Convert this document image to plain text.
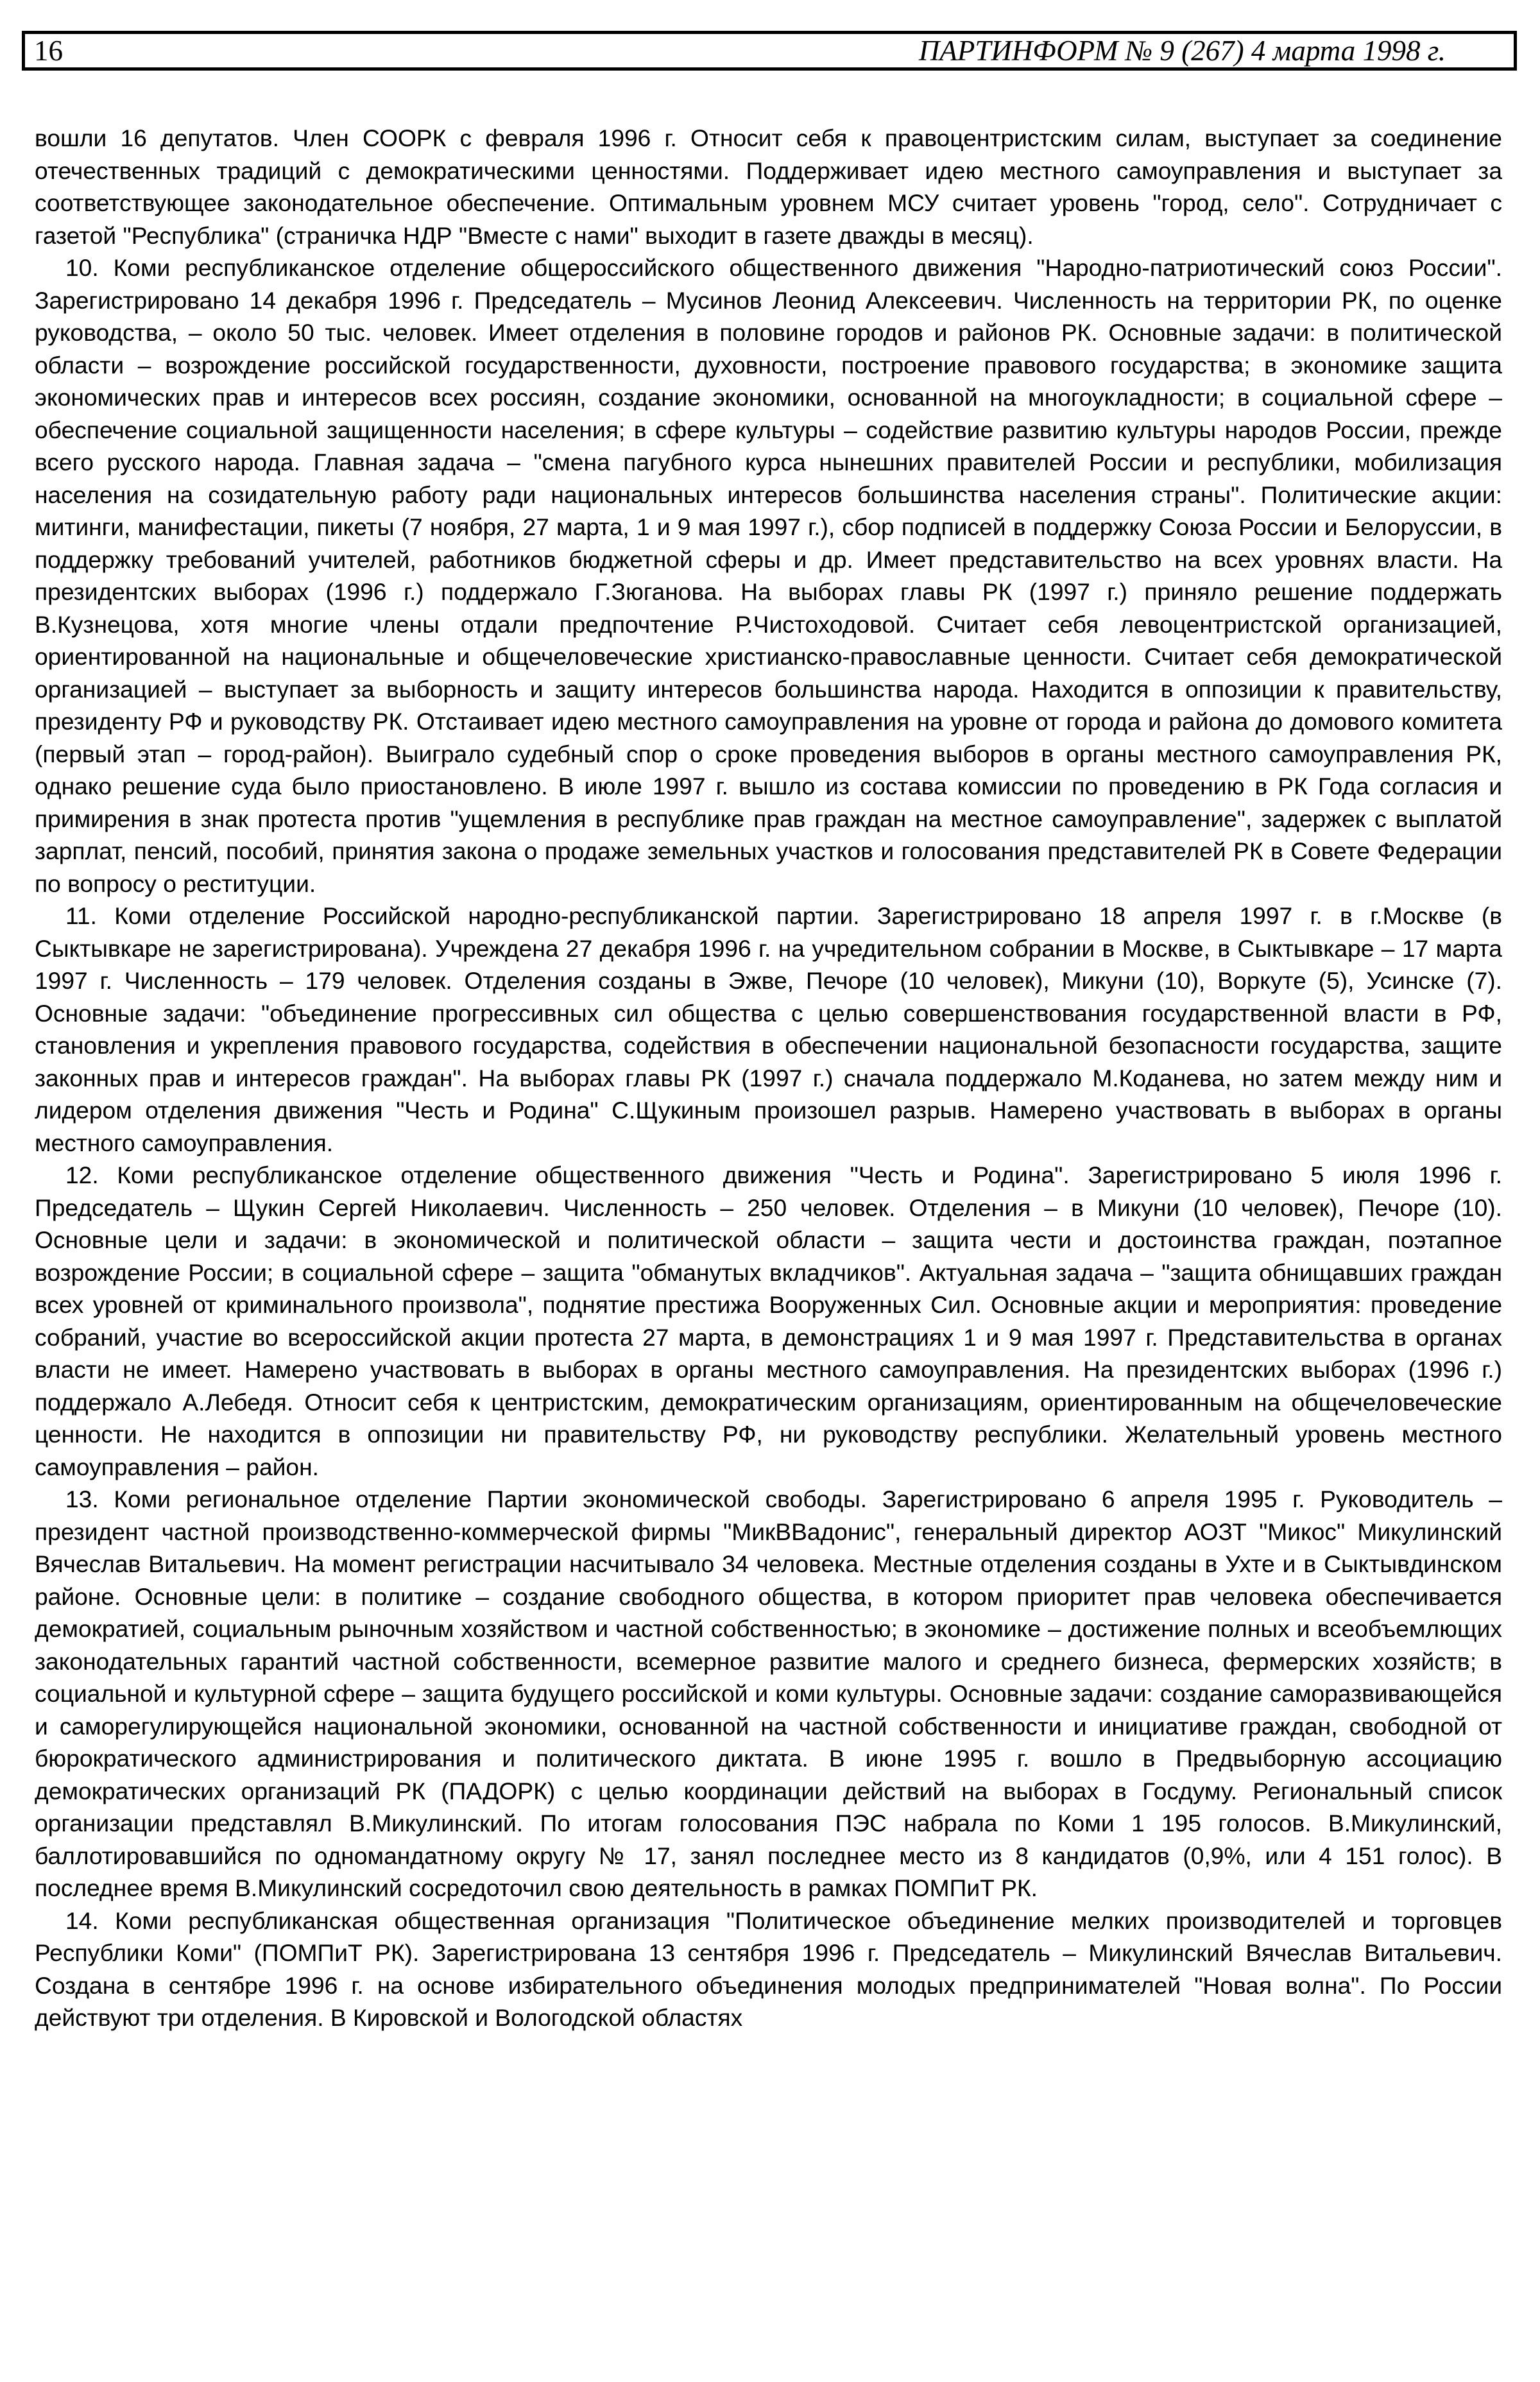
16	ПАРТИНФОРМ № 9 (267) 4 марта 1998 г.

вошли 16 депутатов. Член СООРК с февраля 1996 г. Относит себя к правоцентристским силам, выступает за соединение отечественных традиций с демократическими ценностями. Поддерживает идею местного самоуправления и выступает за соответствующее законодательное обеспечение. Оптимальным уровнем МСУ считает уровень "город, село". Сотрудничает с газетой "Республика" (страничка НДР "Вместе с нами" выходит в газете дважды в месяц).

10. Коми республиканское отделение общероссийского общественного движения "Народно-патриотический союз России". Зарегистрировано 14 декабря 1996 г. Председатель – Мусинов Леонид Алексеевич. Численность на территории РК, по оценке руководства, – около 50 тыс. человек. Имеет отделения в половине городов и районов РК. Основные задачи: в политической области – возрождение российской государственности, духовности, построение правового государства; в экономике защита экономических прав и интересов всех россиян, создание экономики, основанной на многоукладности; в социальной сфере – обеспечение социальной защищенности населения; в сфере культуры – содействие развитию культуры народов России, прежде всего русского народа. Главная задача – "смена пагубного курса нынешних правителей России и республики, мобилизация населения на созидательную работу ради национальных интересов большинства населения страны". Политические акции: митинги, манифестации, пикеты (7 ноября, 27 марта, 1 и 9 мая 1997 г.), сбор подписей в поддержку Союза России и Белоруссии, в поддержку требований учителей, работников бюджетной сферы и др. Имеет представительство на всех уровнях власти. На президентских выборах (1996 г.) поддержало Г.Зюганова. На выборах главы РК (1997 г.) приняло решение поддержать В.Кузнецова, хотя многие члены отдали предпочтение Р.Чистоходовой. Считает себя левоцентристской организацией, ориентированной на национальные и общечеловеческие христианско-православные ценности. Считает себя демократической организацией – выступает за выборность и защиту интересов большинства народа. Находится в оппозиции к правительству, президенту РФ и руководству РК. Отстаивает идею местного самоуправления на уровне от города и района до домового комитета (первый этап – город-район). Выиграло судебный спор о сроке проведения выборов в органы местного самоуправления РК, однако решение суда было приостановлено. В июле 1997 г. вышло из состава комиссии по проведению в РК Года согласия и примирения в знак протеста против "ущемления в республике прав граждан на местное самоуправление", задержек с выплатой зарплат, пенсий, пособий, принятия закона о продаже земельных участков и голосования представителей РК в Совете Федерации по вопросу о реституции.

11. Коми отделение Российской народно-республиканской партии. Зарегистрировано 18 апреля 1997 г. в г.Москве (в Сыктывкаре не зарегистрирована). Учреждена 27 декабря 1996 г. на учредительном собрании в Москве, в Сыктывкаре – 17 марта 1997 г. Численность – 179 человек. Отделения созданы в Эжве, Печоре (10 человек), Микуни (10), Воркуте (5), Усинске (7). Основные задачи: "объединение прогрессивных сил общества с целью совершенствования государственной власти в РФ, становления и укрепления правового государства, содействия в обеспечении национальной безопасности государства, защите законных прав и интересов граждан". На выборах главы РК (1997 г.) сначала поддержало М.Коданева, но затем между ним и лидером отделения движения "Честь и Родина" С.Щукиным произошел разрыв. Намерено участвовать в выборах в органы местного самоуправления.

12. Коми республиканское отделение общественного движения "Честь и Родина". Зарегистрировано 5 июля 1996 г. Председатель – Щукин Сергей Николаевич. Численность – 250 человек. Отделения – в Микуни (10 человек), Печоре (10). Основные цели и задачи: в экономической и политической области – защита чести и достоинства граждан, поэтапное возрождение России; в социальной сфере – защита "обманутых вкладчиков". Актуальная задача – "защита обнищавших граждан всех уровней от криминального произвола", поднятие престижа Вооруженных Сил. Основные акции и мероприятия: проведение собраний, участие во всероссийской акции протеста 27 марта, в демонстрациях 1 и 9 мая 1997 г. Представительства в органах власти не имеет. Намерено участвовать в выборах в органы местного самоуправления. На президентских выборах (1996 г.) поддержало А.Лебедя. Относит себя к центристским, демократическим организациям, ориентированным на общечеловеческие ценности. Не находится в оппозиции ни правительству РФ, ни руководству республики. Желательный уровень местного самоуправления – район.

13. Коми региональное отделение Партии экономической свободы. Зарегистрировано 6 апреля 1995 г. Руководитель – президент частной производственно-коммерческой фирмы "МикВВадонис", генеральный директор АОЗТ "Микос" Микулинский Вячеслав Витальевич. На момент регистрации насчитывало 34 человека. Местные отделения созданы в Ухте и в Сыктывдинском районе. Основные цели: в политике – создание свободного общества, в котором приоритет прав человека обеспечивается демократией, социальным рыночным хозяйством и частной собственностью; в экономике – достижение полных и всеобъемлющих законодательных гарантий частной собственности, всемерное развитие малого и среднего бизнеса, фермерских хозяйств; в социальной и культурной сфере – защита будущего российской и коми культуры. Основные задачи: создание саморазвивающейся и саморегулирующейся национальной экономики, основанной на частной собственности и инициативе граждан, свободной от бюрократического администрирования и политического диктата. В июне 1995 г. вошло в Предвыборную ассоциацию демократических организаций РК (ПАДОРК) с целью координации действий на выборах в Госдуму. Региональный список организации представлял В.Микулинский. По итогам голосования ПЭС набрала по Коми 1 195 голосов. В.Микулинский, баллотировавшийся по одномандатному округу № 17, занял последнее место из 8 кандидатов (0,9%, или 4 151 голос). В последнее время В.Микулинский сосредоточил свою деятельность в рамках ПОМПиТ РК.

14. Коми республиканская общественная организация "Политическое объединение мелких производителей и торговцев Республики Коми" (ПОМПиТ РК). Зарегистрирована 13 сентября 1996 г. Председатель – Микулинский Вячеслав Витальевич. Создана в сентябре 1996 г. на основе избирательного объединения молодых предпринимателей "Новая волна". По России действуют три отделения. В Кировской и Вологодской областях
